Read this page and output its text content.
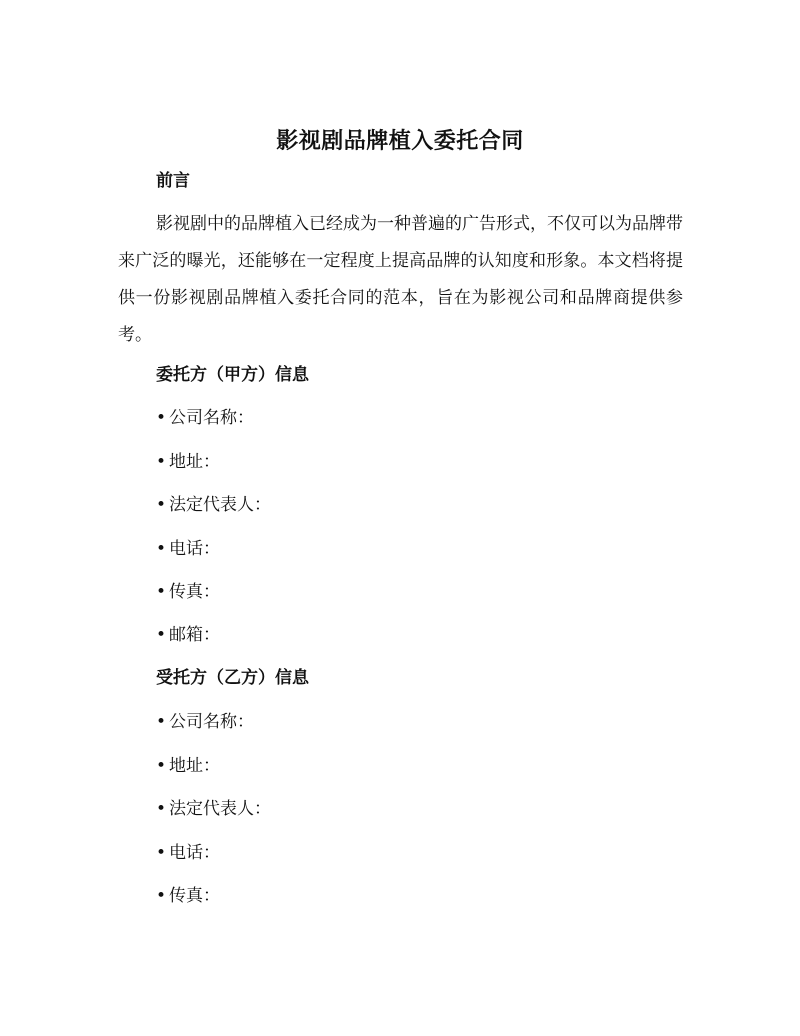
影视剧品牌植入委托合同
前言
影视剧中的品牌植入已经成为一种普遍的广告形式，不仅可以为品牌带来广泛的曝光，还能够在一定程度上提高品牌的认知度和形象。本文档将提供一份影视剧品牌植入委托合同的范本，旨在为影视公司和品牌商提供参考。
委托方（甲方）信息
• 公司名称：
• 地址：
• 法定代表人：
• 电话：
• 传真：
• 邮箱：
受托方（乙方）信息
• 公司名称：
• 地址：
• 法定代表人：
• 电话：
• 传真：
